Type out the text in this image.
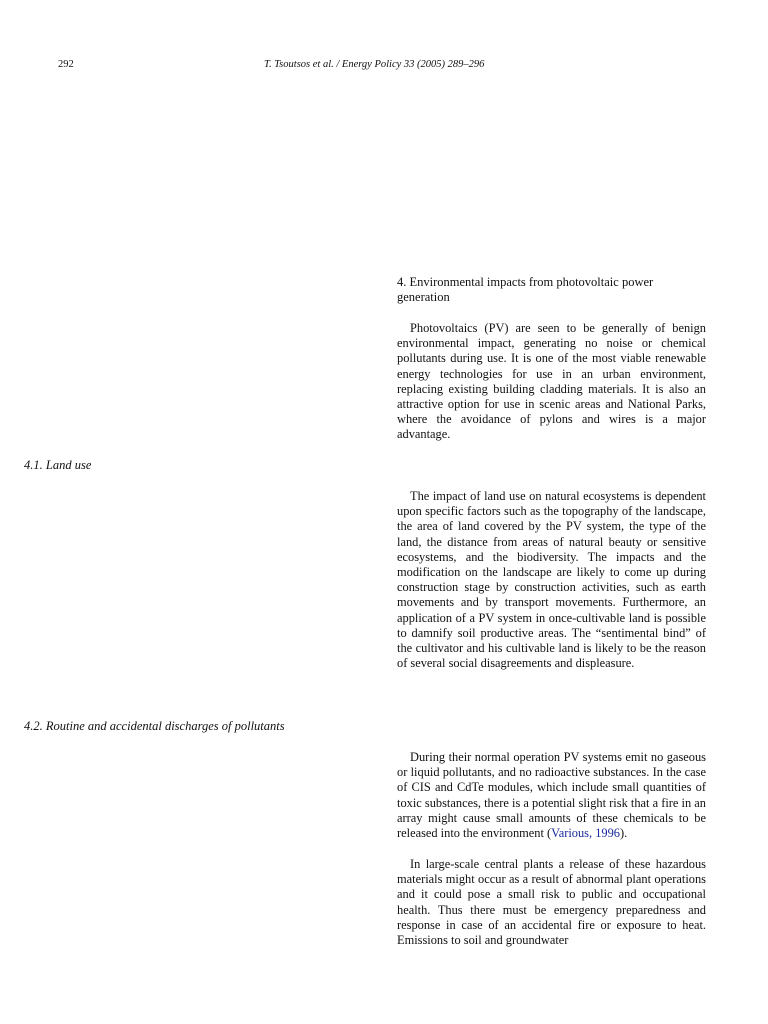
292	T. Tsoutsos et al. / Energy Policy 33 (2005) 289–296
4. Environmental impacts from photovoltaic power generation

Photovoltaics (PV) are seen to be generally of benign environmental impact, generating no noise or chemical pollutants during use. It is one of the most viable renewable energy technologies for use in an urban environment, replacing existing building cladding materials. It is also an attractive option for use in scenic areas and National Parks, where the avoidance of pylons and wires is a major advantage.

4.1. Land use

The impact of land use on natural ecosystems is dependent upon specific factors such as the topography of the landscape, the area of land covered by the PV system, the type of the land, the distance from areas of natural beauty or sensitive ecosystems, and the biodiversity. The impacts and the modification on the landscape are likely to come up during construction stage by construction activities, such as earth movements and by transport movements. Furthermore, an application of a PV system in once-cultivable land is possible to damnify soil productive areas. The “sentimental bind” of the cultivator and his cultivable land is likely to be the reason of several social disagreements and displeasure.

4.2. Routine and accidental discharges of pollutants

During their normal operation PV systems emit no gaseous or liquid pollutants, and no radioactive substances. In the case of CIS and CdTe modules, which include small quantities of toxic substances, there is a potential slight risk that a fire in an array might cause small amounts of these chemicals to be released into the environment (Various, 1996).

In large-scale central plants a release of these hazardous materials might occur as a result of abnormal plant operations and it could pose a small risk to public and occupational health. Thus there must be emergency preparedness and response in case of an accidental fire or exposure to heat. Emissions to soil and groundwater
